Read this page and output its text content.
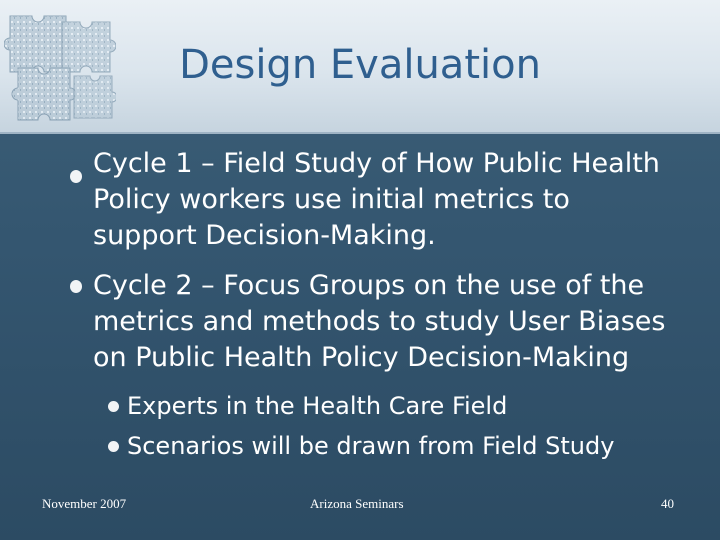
Design Evaluation
Cycle 1 – Field Study of How Public Health
Policy workers use initial metrics to
support Decision-Making.
Cycle 2 – Focus Groups on the use of the
metrics and methods to study User Biases
on Public Health Policy Decision-Making
Experts in the Health Care Field
Scenarios will be drawn from Field Study
November 2007	Arizona Seminars	40
